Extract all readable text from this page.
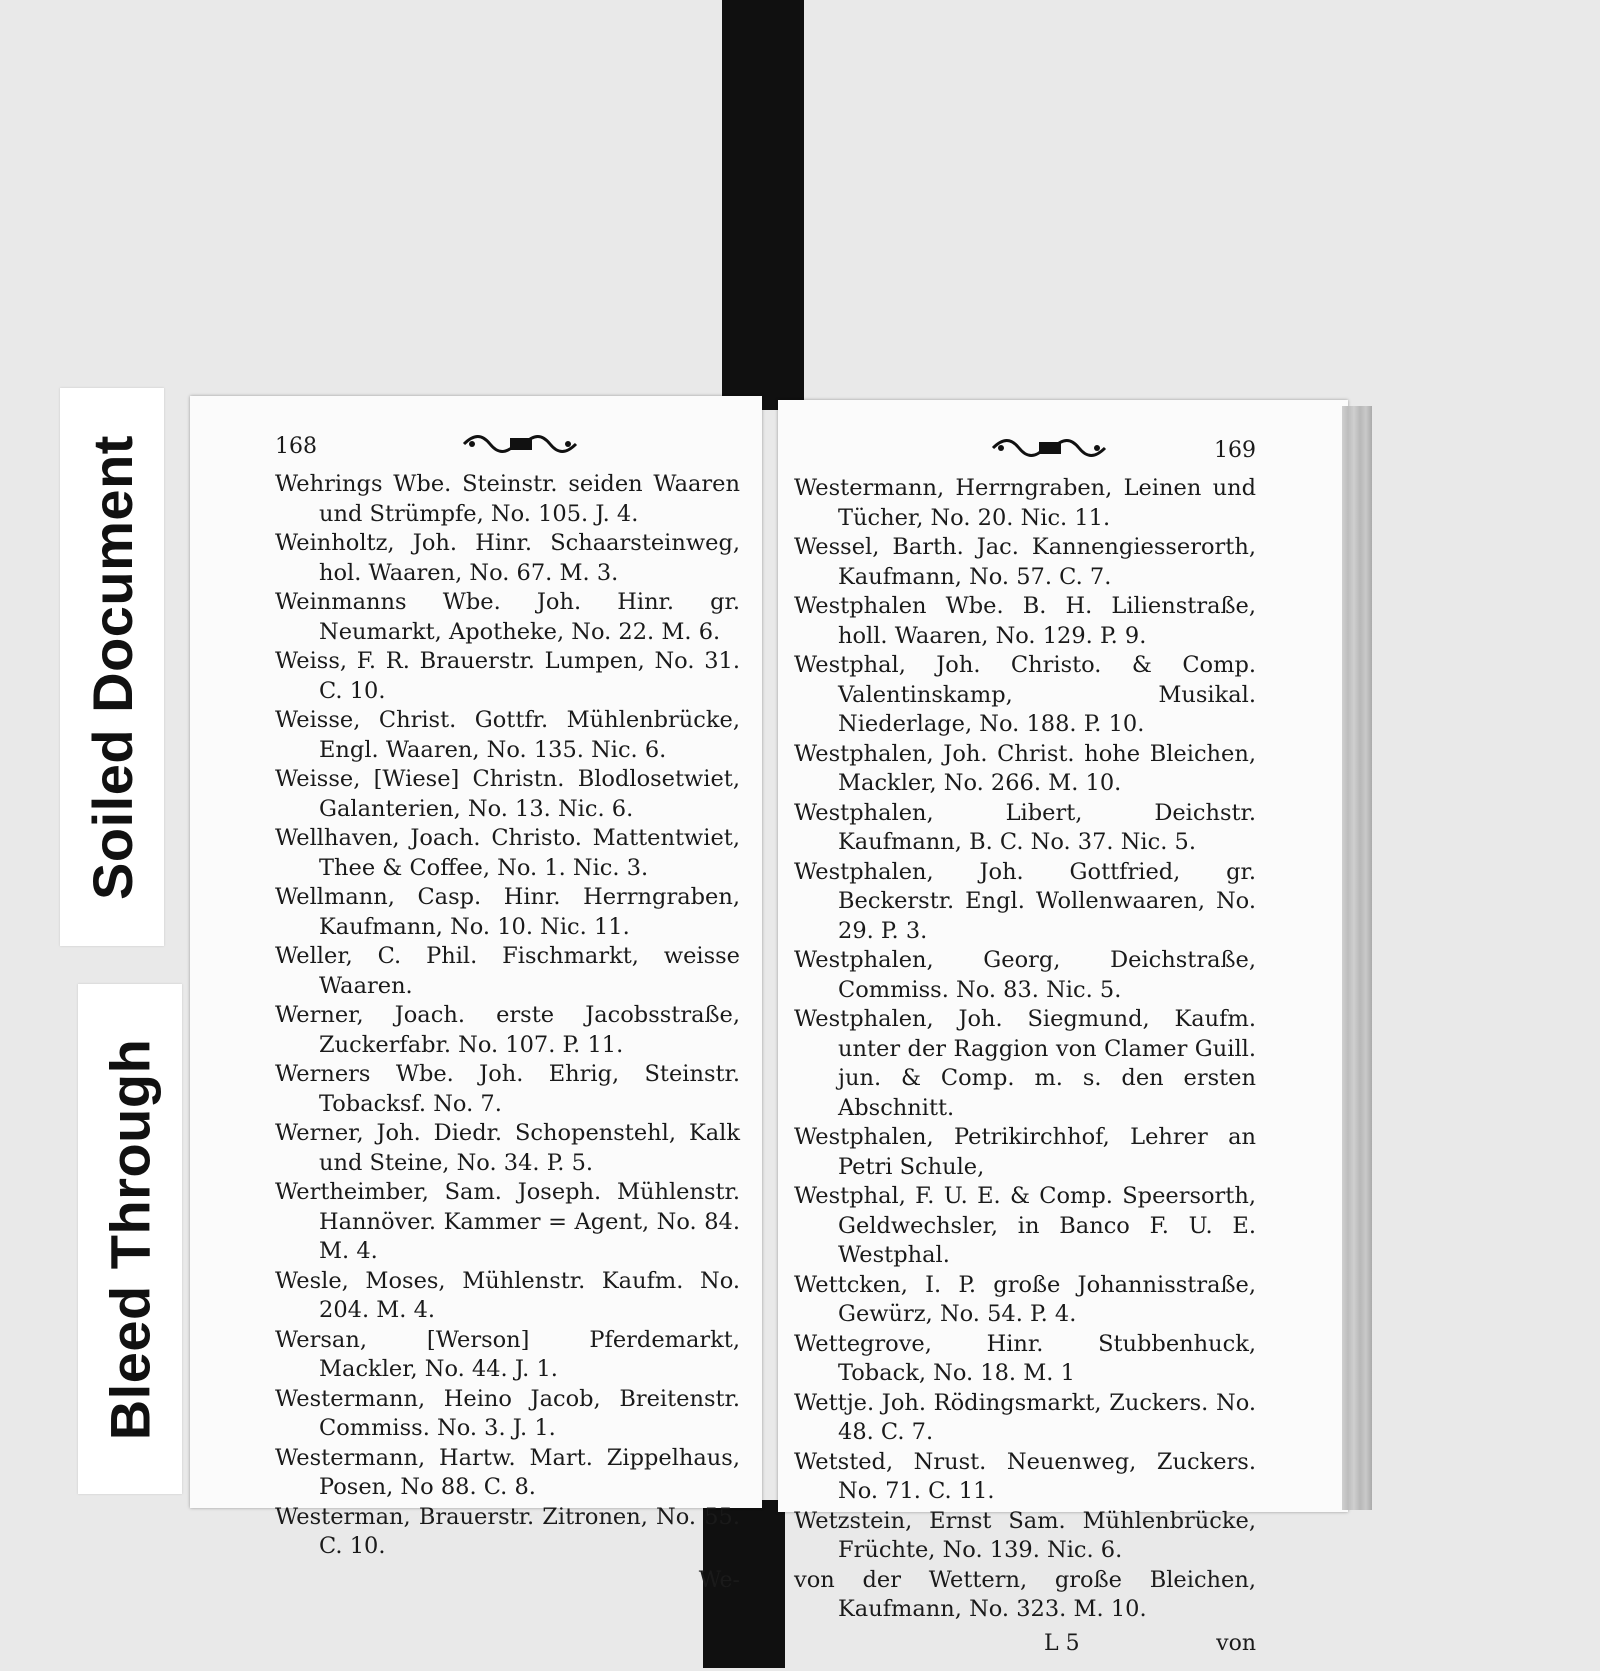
Soiled Document
Bleed Through
168

Wehrings Wbe. Steinstr. seiden Waaren und Strümpfe, No. 105. J. 4.

Weinholtz, Joh. Hinr. Schaarsteinweg, hol. Waaren, No. 67. M. 3.

Weinmanns Wbe. Joh. Hinr. gr. Neumarkt, Apotheke, No. 22. M. 6.

Weiss, F. R. Brauerstr. Lumpen, No. 31. C. 10.

Weisse, Christ. Gottfr. Mühlenbrücke, Engl. Waaren, No. 135. Nic. 6.

Weisse, [Wiese] Christn. Blodlosetwiet, Galanterien, No. 13. Nic. 6.

Wellhaven, Joach. Christo. Mattentwiet, Thee & Coffee, No. 1. Nic. 3.

Wellmann, Casp. Hinr. Herrngraben, Kaufmann, No. 10. Nic. 11.

Weller, C. Phil. Fischmarkt, weisse Waaren.

Werner, Joach. erste Jacobsstraße, Zuckerfabr. No. 107. P. 11.

Werners Wbe. Joh. Ehrig, Steinstr. Tobacksf. No. 7.

Werner, Joh. Diedr. Schopenstehl, Kalk und Steine, No. 34. P. 5.

Wertheimber, Sam. Joseph. Mühlenstr. Hannöver. Kammer = Agent, No. 84. M. 4.

Wesle, Moses, Mühlenstr. Kaufm. No. 204. M. 4.

Wersan, [Werson] Pferdemarkt, Mackler, No. 44. J. 1.

Westermann, Heino Jacob, Breitenstr. Commiss. No. 3. J. 1.

Westermann, Hartw. Mart. Zippelhaus, Posen, No 88. C. 8.

Westerman, Brauerstr. Zitronen, No. 55. C. 10.

We-
169

Westermann, Herrngraben, Leinen und Tücher, No. 20. Nic. 11.

Wessel, Barth. Jac. Kannengiesserorth, Kaufmann, No. 57. C. 7.

Westphalen Wbe. B. H. Lilienstraße, holl. Waaren, No. 129. P. 9.

Westphal, Joh. Christo. & Comp. Valentinskamp, Musikal. Niederlage, No. 188. P. 10.

Westphalen, Joh. Christ. hohe Bleichen, Mackler, No. 266. M. 10.

Westphalen, Libert, Deichstr. Kaufmann, B. C. No. 37. Nic. 5.

Westphalen, Joh. Gottfried, gr. Beckerstr. Engl. Wollenwaaren, No. 29. P. 3.

Westphalen, Georg, Deichstraße, Commiss. No. 83. Nic. 5.

Westphalen, Joh. Siegmund, Kaufm. unter der Raggion von Clamer Guill. jun. & Comp. m. s. den ersten Abschnitt.

Westphalen, Petrikirchhof, Lehrer an Petri Schule,

Westphal, F. U. E. & Comp. Speersorth, Geldwechsler, in Banco F. U. E. Westphal.

Wettcken, I. P. große Johannisstraße, Gewürz, No. 54. P. 4.

Wettegrove, Hinr. Stubbenhuck, Toback, No. 18. M. 1

Wettje. Joh. Rödingsmarkt, Zuckers. No. 48. C. 7.

Wetsted, Nrust. Neuenweg, Zuckers. No. 71. C. 11.

Wetzstein, Ernst Sam. Mühlenbrücke, Früchte, No. 139. Nic. 6.

von der Wettern, große Bleichen, Kaufmann, No. 323. M. 10.

L 5	von
